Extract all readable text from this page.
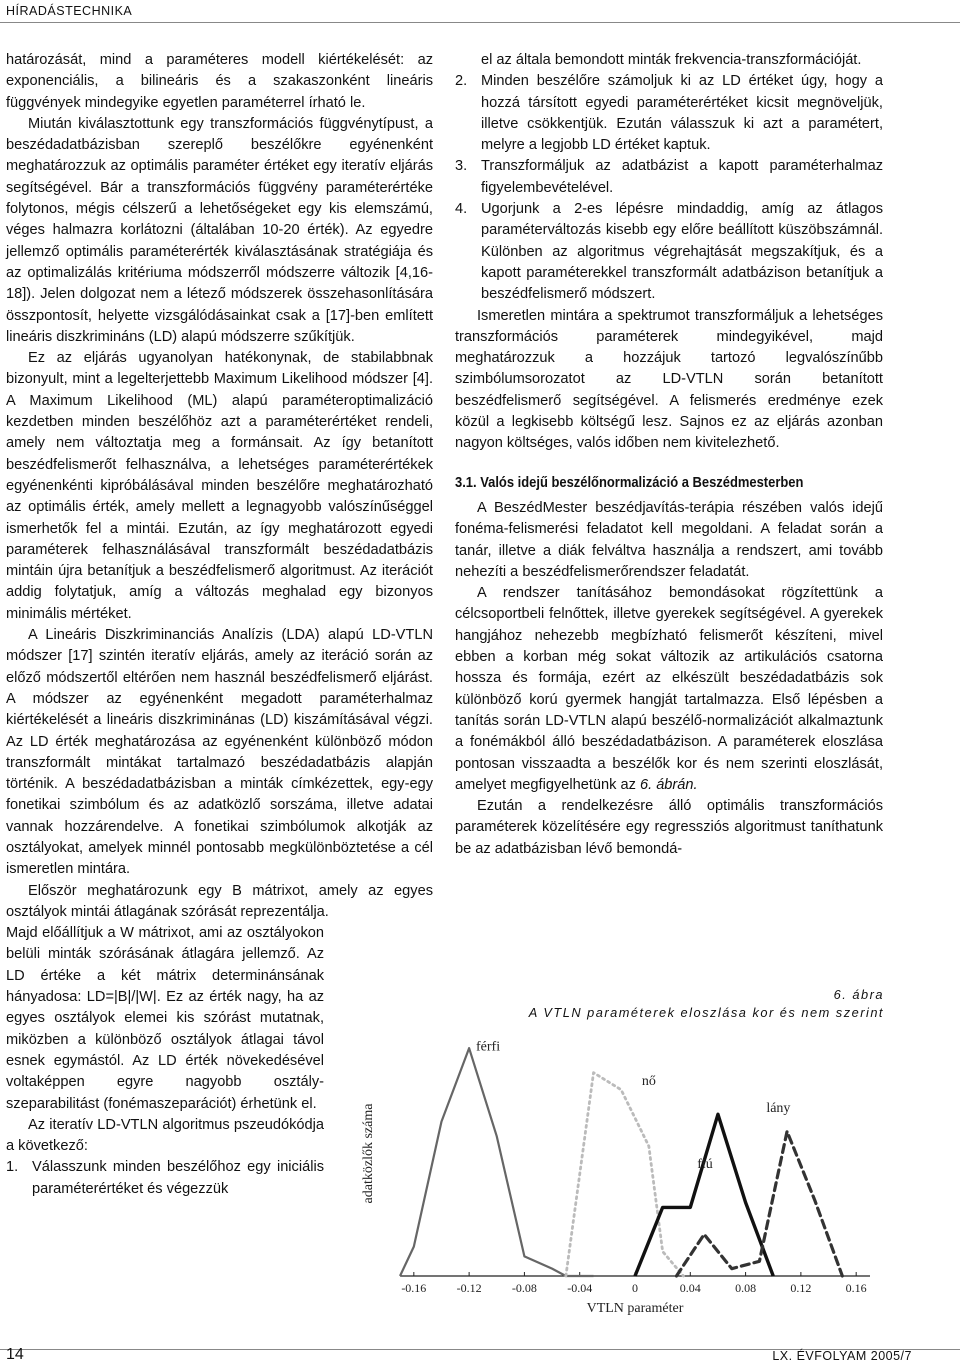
HÍRADÁSTECHNIKA

határozását, mind a paraméteres modell kiértékelését: az exponenciális, a bilineáris és a szakaszonként lineáris függvények mindegyike egyetlen paraméterrel írható le.

Miután kiválasztottunk egy transzformációs függvénytípust, a beszédadatbázisban szereplő beszélőkre egyénenként meghatározzuk az optimális paraméter értéket egy iteratív eljárás segítségével. Bár a transzformációs függvény paraméterértéke folytonos, mégis célszerű a lehetőségeket egy kis elemszámú, véges halmazra korlátozni (általában 10-20 érték). Az egyedre jellemző optimális paraméterérték kiválasztásának stratégiája és az optimalizálás kritériuma módszerről módszerre változik [4,16-18]). Jelen dolgozat nem a létező módszerek összehasonlítására összpontosít, helyette vizsgálódásainkat csak a [17]-ben említett lineáris diszkrimináns (LD) alapú módszerre szűkítjük.

Ez az eljárás ugyanolyan hatékonynak, de stabilabbnak bizonyult, mint a legelterjettebb Maximum Likelihood módszer [4]. A Maximum Likelihood (ML) alapú paraméteroptimalizáció kezdetben minden beszélőhöz azt a paraméterértéket rendeli, amely nem változtatja meg a formánsait. Az így betanított beszédfelismerőt felhasználva, a lehetséges paraméterértékek egyénenkénti kipróbálásával minden beszélőre meghatározható az optimális érték, amely mellett a legnagyobb valószínűséggel ismerhetők fel a mintái. Ezután, az így meghatározott egyedi paraméterek felhasználásával transzformált beszédadatbázis mintáin újra betanítjuk a beszédfelismerő algoritmust. Az iterációt addig folytatjuk, amíg a változás meghalad egy bizonyos minimális mértéket.

A Lineáris Diszkriminanciás Analízis (LDA) alapú LD-VTLN módszer [17] szintén iteratív eljárás, amely az iteráció során az előző módszertől eltérően nem használ beszédfelismerő eljárást. A módszer az egyénenként megadott paraméterhalmaz kiértékelését a lineáris diszkriminánas (LD) kiszámításával végzi. Az LD érték meghatározása az egyénenként különböző módon transzformált mintákat tartalmazó beszédadatbázis alapján történik. A beszédadatbázisban a minták címkézettek, egy-egy fonetikai szimbólum és az adatközlő sorszáma, illetve adatai vannak hozzárendelve. A fonetikai szimbólumok alkotják az osztályokat, amelyek minnél pontosabb megkülönböztetése a cél ismeretlen mintára.

Először meghatározunk egy B mátrixot, amely az egyes osztályok mintái átlagának szórását reprezentálja.

Majd előállítjuk a W mátrixot, ami az osztályokon belüli minták szórásának átlagára jellemző. Az LD értéke a két mátrix determinánsának hányadosa: LD=|B|/|W|. Ez az érték nagy, ha az egyes osztályok elemei kis szórást mutatnak, miközben a különböző osztályok átlagai távol esnek egymástól. Az LD érték növekedésével voltaképpen egyre nagyobb osztály-szeparabilitást (fonémaszeparációt) érhetünk el.

Az iteratív LD-VTLN algoritmus pszeudókódja a következő:

1. Válasszunk minden beszélőhoz egy iniciális paraméterértéket és végezzük
el az általa bemondott minták frekvencia-transzformációját.
2. Minden beszélőre számoljuk ki az LD értéket úgy, hogy a hozzá társított egyedi paraméterértéket kicsit megnöveljük, illetve csökkentjük. Ezután válasszuk ki azt a paramétert, melyre a legjobb LD értéket kaptuk.
3. Transzformáljuk az adatbázist a kapott paraméterhalmaz figyelembevételével.
4. Ugorjunk a 2-es lépésre mindaddig, amíg az átlagos paraméterváltozás kisebb egy előre beállított küszöbszámnál. Különben az algoritmus végrehajtását megszakítjuk, és a kapott paraméterekkel transzformált adatbázison betanítjuk a beszédfelismerő módszert.

Ismeretlen mintára a spektrumot transzformáljuk a lehetséges transzformációs paraméterek mindegyikével, majd meghatározzuk a hozzájuk tartozó legvalószínűbb szimbólumsorozatot az LD-VTLN során betanított beszédfelismerő segítségével. A felismerés eredménye ezek közül a legkisebb költségű lesz. Sajnos ez az eljárás azonban nagyon költséges, valós időben nem kivitelezhető.

3.1. Valós idejű beszélőnormalizáció a Beszédmesterben

A BeszédMester beszédjavítás-terápia részében valós idejű fonéma-felismerési feladatot kell megoldani. A feladat során a tanár, illetve a diák felváltva használja a rendszert, ami tovább nehezíti a beszédfelismerőrendszer feladatát.

A rendszer tanításához bemondásokat rögzítettünk a célcsoportbeli felnőttek, illetve gyerekek segítségével. A gyerekek hangjához nehezebb megbízható felismerőt készíteni, mivel ebben a korban még sokat változik az artikulációs csatorna hossza és formája, ezért az elkészült beszédadatbázis sok különböző korú gyermek hangját tartalmazza. Első lépésben a tanítás során LD-VTLN alapú beszélő-normalizációt alkalmaztunk a fonémákból álló beszédadatbázison. A paraméterek eloszlása pontosan visszaadta a beszélők kor és nem szerinti eloszlását, amelyet megfigyelhetünk az 6. ábrán.

Ezután a rendelkezésre álló optimális transzformációs paraméterek közelítésére egy regressziós algoritmust taníthatunk be az adatbázisban lévő bemondá-

6. ábra
A VTLN paraméterek eloszlása kor és nem szerint
-0.16	-0.12	-0.08	-0.04	0	0.04	0.08	0.12	0.16
VTLN paraméter
adatközlők száma
férfi
nő
fiú
lány
14	LX. ÉVFOLYAM 2005/7
